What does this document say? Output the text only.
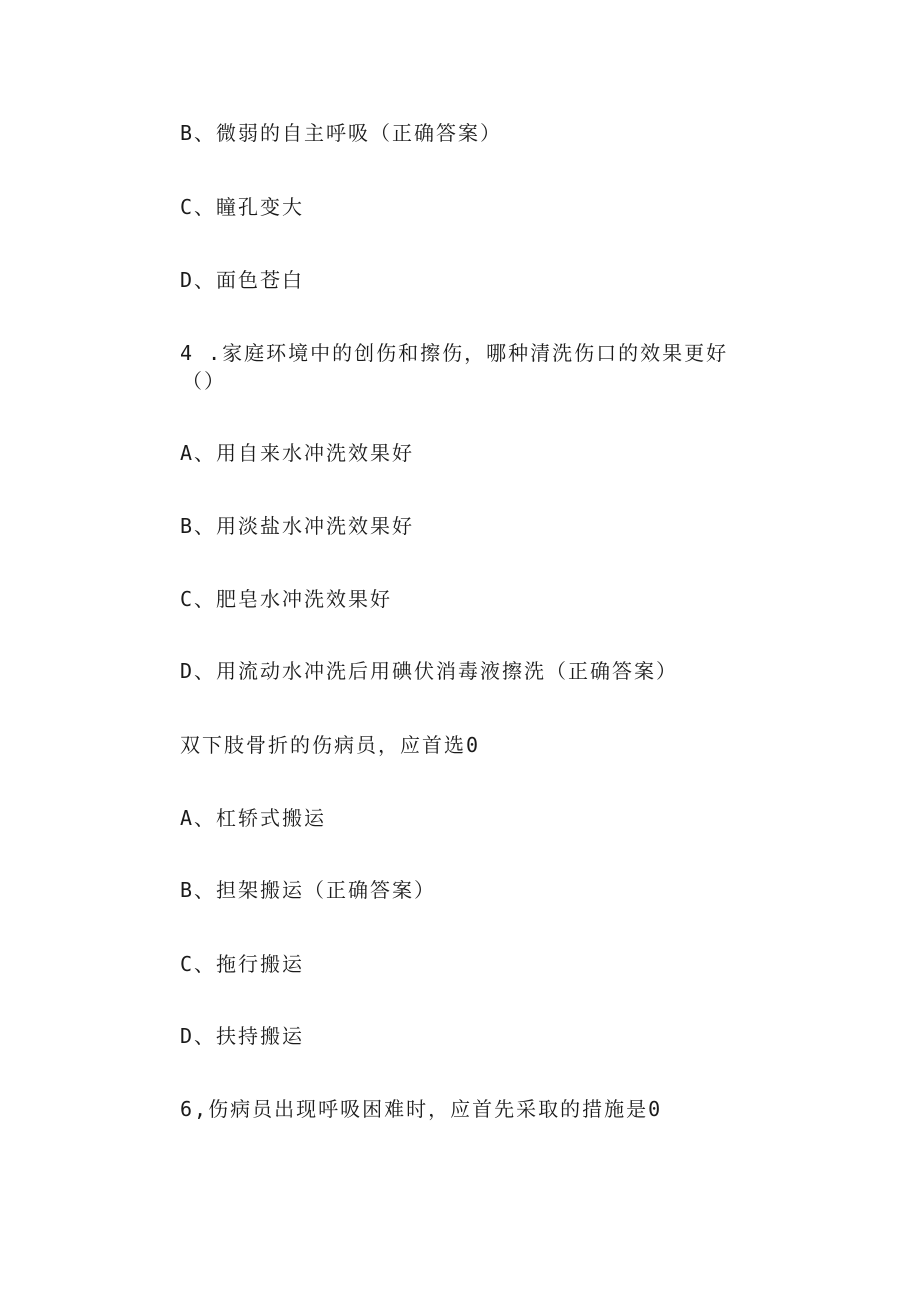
B、微弱的自主呼吸（正确答案）

C、瞳孔变大

D、面色苍白

4 .家庭环境中的创伤和擦伤，哪种清洗伤口的效果更好

（）

A、用自来水冲洗效果好

B、用淡盐水冲洗效果好

C、肥皂水冲洗效果好

D、用流动水冲洗后用碘伏消毒液擦洗（正确答案）

双下肢骨折的伤病员，应首选0

A、杠轿式搬运

B、担架搬运（正确答案）

C、拖行搬运

D、扶持搬运

6,伤病员出现呼吸困难时，应首先采取的措施是0
